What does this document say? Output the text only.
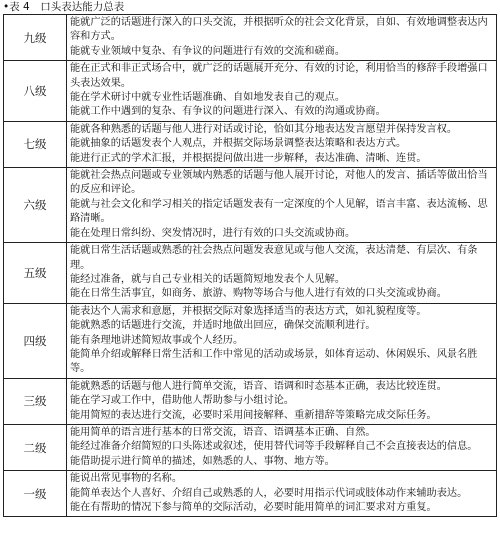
•表 4　口头表达能力总表
九级	能就广泛的话题进行深入的口头交流，并根据听众的社会文化背景，自如、有效地调整表达内容和方式。
能就专业领域中复杂、有争议的问题进行有效的交流和磋商。

八级	能在正式和非正式场合中，就广泛的话题展开充分、有效的讨论，利用恰当的修辞手段增强口头表达效果。
能在学术研讨中就专业性话题准确、自如地发表自己的观点。
能就工作中遇到的复杂、有争议的问题进行深入、有效的沟通或协商。

七级	能就各种熟悉的话题与他人进行对话或讨论，恰如其分地表达发言愿望并保持发言权。
能就抽象的话题发表个人观点，并根据交际场景调整表达策略和表达方式。
能进行正式的学术汇报，并根据提问做出进一步解释，表达准确、清晰、连贯。

六级	能就社会热点问题或专业领域内熟悉的话题与他人展开讨论，对他人的发言、插话等做出恰当的反应和评论。
能就与社会文化和学习相关的指定话题发表有一定深度的个人见解，语言丰富、表达流畅、思路清晰。
能在处理日常纠纷、突发情况时，进行有效的口头交流或协商。

五级	能就日常生活话题或熟悉的社会热点问题发表意见或与他人交流，表达清楚、有层次、有条理。
能经过准备，就与自己专业相关的话题简短地发表个人见解。
能在日常生活事宜，如商务、旅游、购物等场合与他人进行有效的口头交流或协商。

四级	能表达个人需求和意愿，并根据交际对象选择适当的表达方式，如礼貌程度等。
能就熟悉的话题进行交流，并适时地做出回应，确保交流顺利进行。
能有条理地讲述简短故事或个人经历。
能简单介绍或解释日常生活和工作中常见的活动或场景，如体育运动、休闲娱乐、风景名胜等。

三级	能就熟悉的话题与他人进行简单交流，语音、语调和时态基本正确，表达比较连贯。
能在学习或工作中，借助他人帮助参与小组讨论。
能用简短的表达进行交流，必要时采用间接解释、重新措辞等策略完成交际任务。

二级	能用简单的语言进行基本的日常交流，语音、语调基本正确、自然。
能经过准备介绍简短的口头陈述或叙述，使用替代词等手段解释自己不会直接表达的信息。
能借助提示进行简单的描述，如熟悉的人、事物、地方等。

一级	能说出常见事物的名称。
能简单表达个人喜好、介绍自己或熟悉的人，必要时用指示代词或肢体动作来辅助表达。
能在有帮助的情况下参与简单的交际活动，必要时能用简单的词汇要求对方重复。
